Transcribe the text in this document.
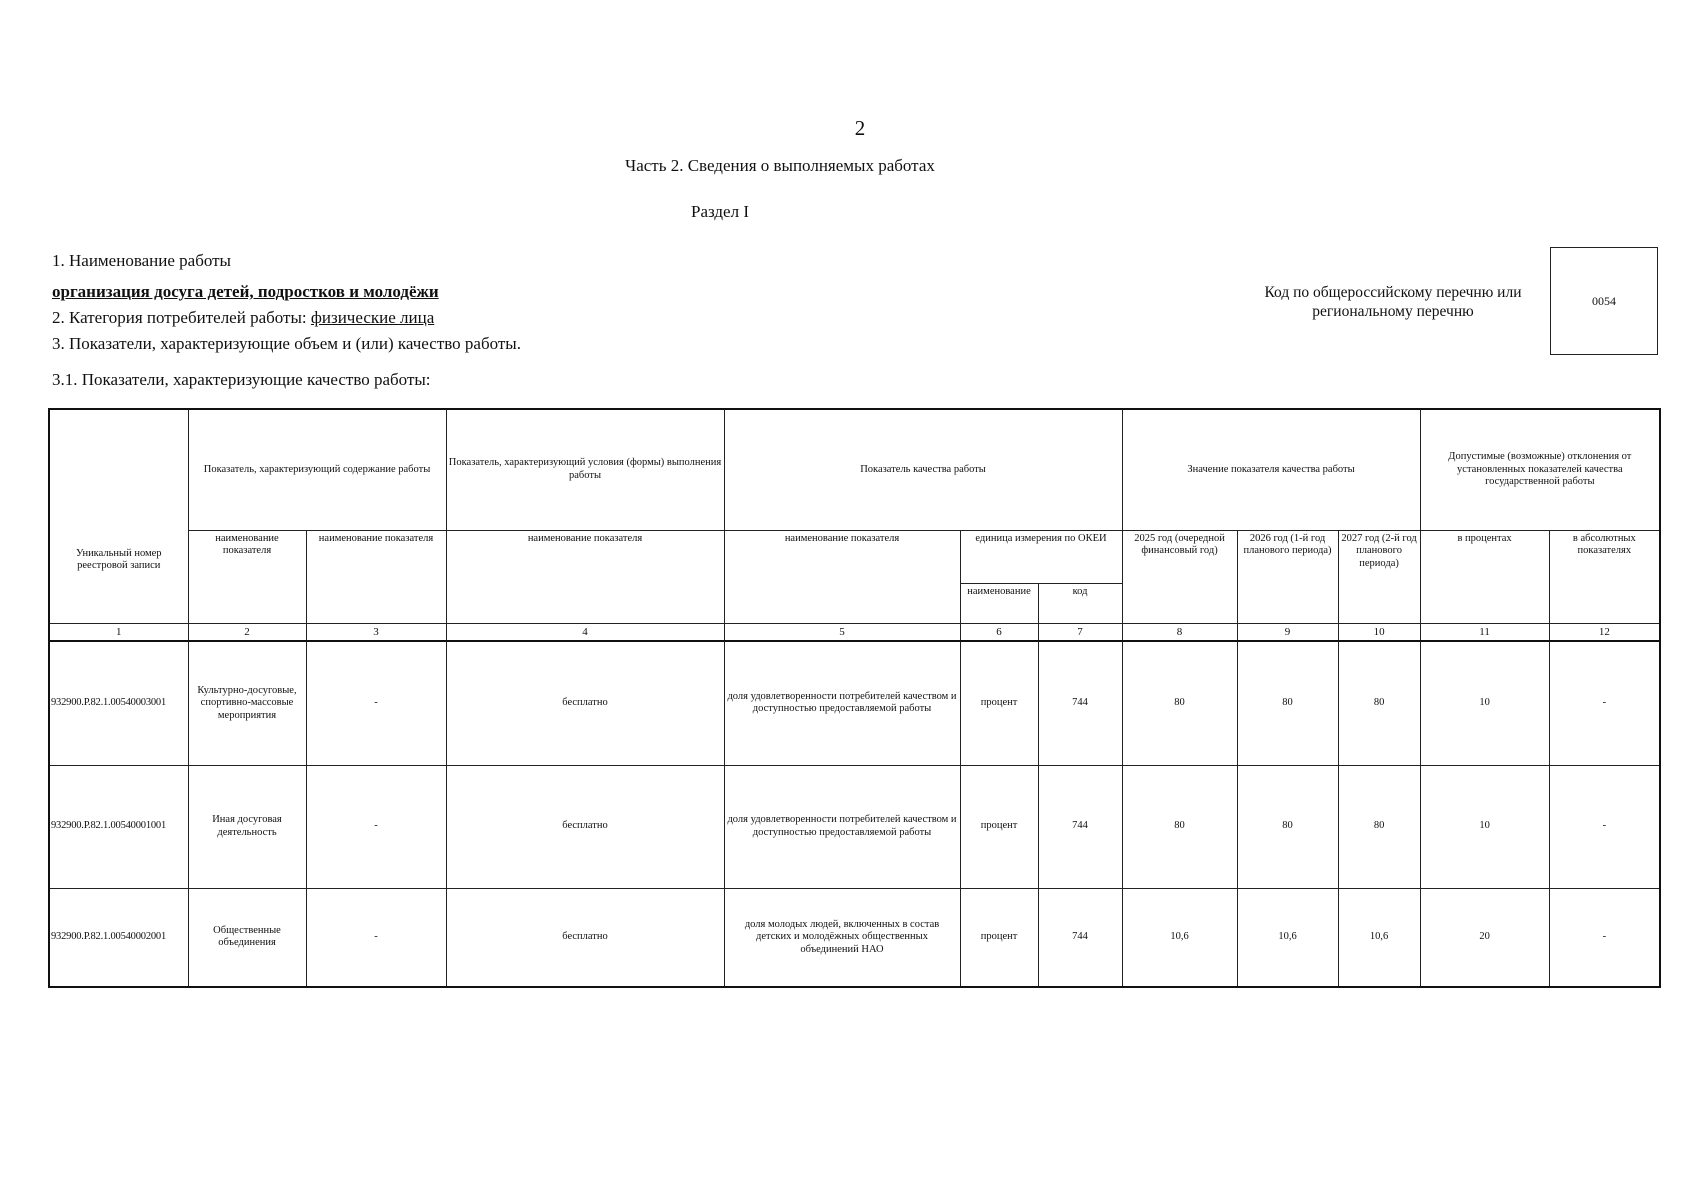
2
Часть 2. Сведения о выполняемых работах
Раздел I
1. Наименование работы
организация досуга детей, подростков и молодёжи
2. Категория потребителей работы: физические лица
3. Показатели, характеризующие объем и (или) качество работы.
3.1. Показатели, характеризующие качество работы:
Код по общероссийскому перечню или региональному перечню
0054
Уникальный номер реестровой записи	Показатель, характеризующий содержание работы		Показатель, характеризующий условия (формы) выполнения работы	Показатель качества работы			Значение показателя качества работы			Допустимые (возможные) отклонения от установленных показателей качества государственной работы	
	наименование показателя	наименование показателя	наименование показателя	наименование показателя	единица измерения по ОКЕИ		2025 год (очередной финансовый год)	2026 год (1-й год планового периода)	2027 год (2-й год планового периода)	в процентах	в абсолютных показателях
					наименование	код					
1	2	3	4	5	6	7	8	9	10	11	12
932900.Р.82.1.00540003001	Культурно-досуговые, спортивно-массовые мероприятия	-	бесплатно	доля удовлетворенности потребителей качеством и доступностью предоставляемой работы	процент	744	80	80	80	10	-
932900.Р.82.1.00540001001	Иная досуговая деятельность	-	бесплатно	доля удовлетворенности потребителей качеством и доступностью предоставляемой работы	процент	744	80	80	80	10	-
932900.Р.82.1.00540002001	Общественные объединения	-	бесплатно	доля молодых людей, включенных в состав детских и молодёжных общественных объединений НАО	процент	744	10,6	10,6	10,6	20	-
